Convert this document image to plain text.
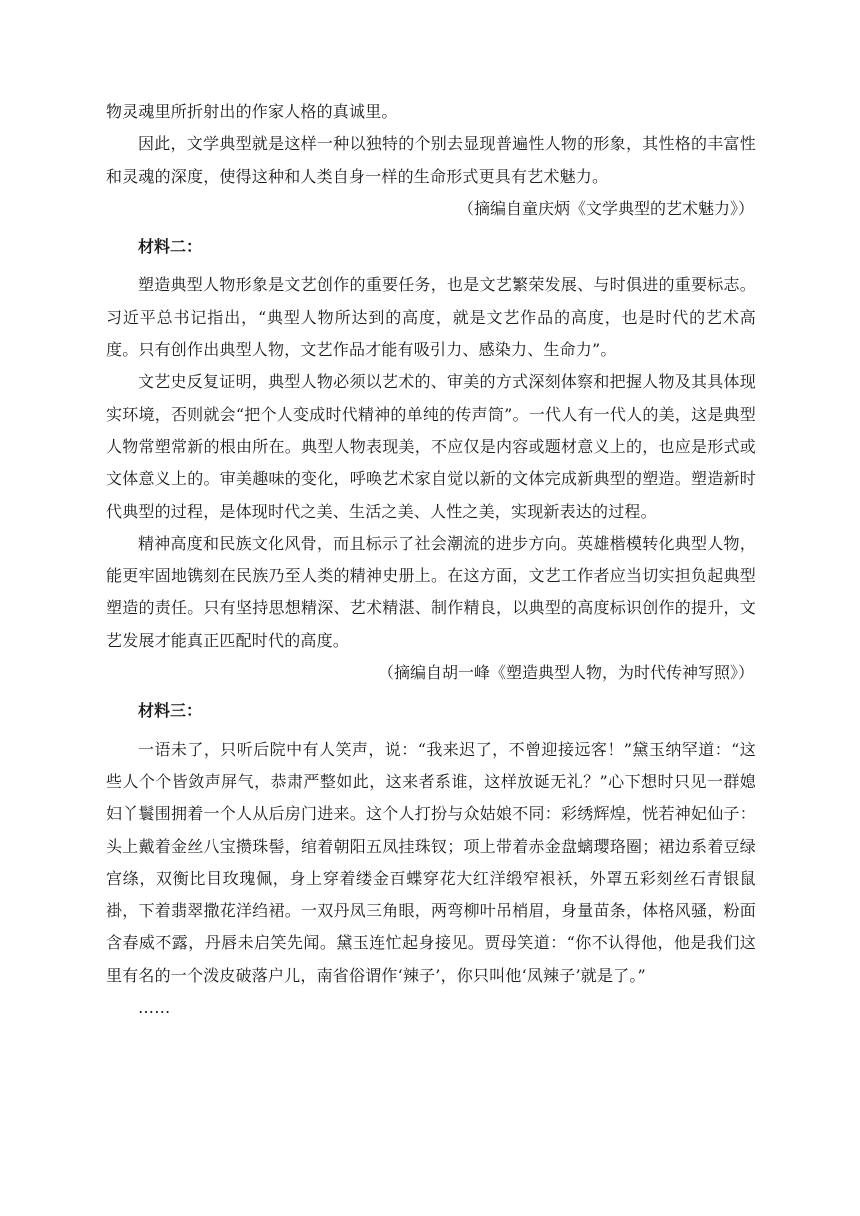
物灵魂里所折射出的作家人格的真诚里。

因此，文学典型就是这样一种以独特的个别去显现普遍性人物的形象，其性格的丰富性和灵魂的深度，使得这种和人类自身一样的生命形式更具有艺术魅力。

（摘编自童庆炳《文学典型的艺术魅力》）

材料二：

塑造典型人物形象是文艺创作的重要任务，也是文艺繁荣发展、与时俱进的重要标志。习近平总书记指出，“典型人物所达到的高度，就是文艺作品的高度，也是时代的艺术高度。只有创作出典型人物，文艺作品才能有吸引力、感染力、生命力”。

文艺史反复证明，典型人物必须以艺术的、审美的方式深刻体察和把握人物及其具体现实环境，否则就会“把个人变成时代精神的单纯的传声筒”。一代人有一代人的美，这是典型人物常塑常新的根由所在。典型人物表现美，不应仅是内容或题材意义上的，也应是形式或文体意义上的。审美趣味的变化，呼唤艺术家自觉以新的文体完成新典型的塑造。塑造新时代典型的过程，是体现时代之美、生活之美、人性之美，实现新表达的过程。

精神高度和民族文化风骨，而且标示了社会潮流的进步方向。英雄楷模转化典型人物，能更牢固地镌刻在民族乃至人类的精神史册上。在这方面，文艺工作者应当切实担负起典型塑造的责任。只有坚持思想精深、艺术精湛、制作精良，以典型的高度标识创作的提升，文艺发展才能真正匹配时代的高度。

（摘编自胡一峰《塑造典型人物，为时代传神写照》）

材料三：

一语未了，只听后院中有人笑声，说：“我来迟了，不曾迎接远客！”黛玉纳罕道：“这些人个个皆敛声屏气，恭肃严整如此，这来者系谁，这样放诞无礼？”心下想时只见一群媳妇丫鬟围拥着一个人从后房门进来。这个人打扮与众姑娘不同：彩绣辉煌，恍若神妃仙子：头上戴着金丝八宝攒珠髻，绾着朝阳五凤挂珠钗；项上带着赤金盘螭璎珞圈；裙边系着豆绿宫绦，双衡比目玫瑰佩，身上穿着缕金百蝶穿花大红洋缎窄裉袄，外罩五彩刻丝石青银鼠褂，下着翡翠撒花洋绉裙。一双丹凤三角眼，两弯柳叶吊梢眉，身量苗条，体格风骚，粉面含春威不露，丹唇未启笑先闻。黛玉连忙起身接见。贾母笑道：“你不认得他，他是我们这里有名的一个泼皮破落户儿，南省俗谓作‘辣子’，你只叫他‘凤辣子’就是了。”

……
